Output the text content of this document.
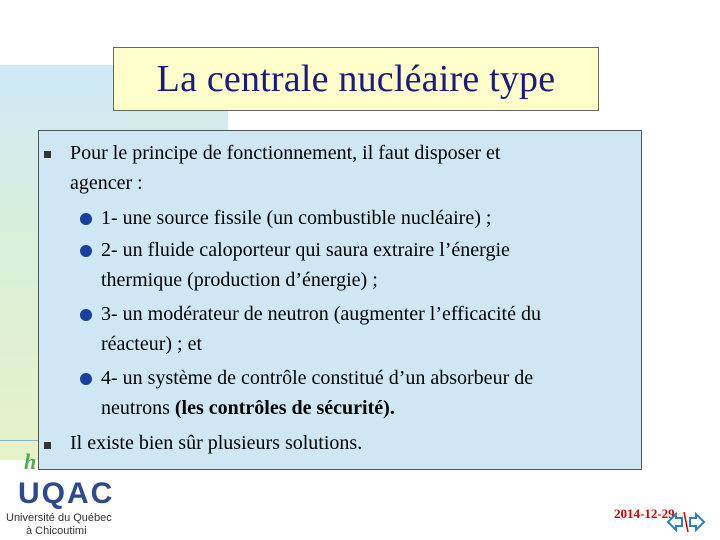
La centrale nucléaire type
Pour le principe de fonctionnement, il faut disposer et
agencer :
1- une source fissile (un combustible nucléaire) ;
2- un fluide caloporteur qui saura extraire l’énergie
thermique (production d’énergie) ;
3- un modérateur de neutron (augmenter l’efficacité du
réacteur) ; et
4- un système de contrôle constitué d’un absorbeur de
neutrons (les contrôles de sécurité).
Il existe bien sûr plusieurs solutions.
h
UQAC
Université du Québec
à Chicoutimi
2014-12-29
